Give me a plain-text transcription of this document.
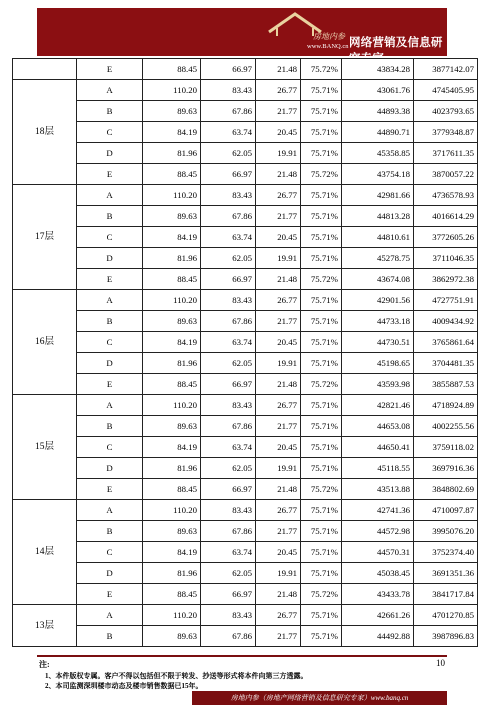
房地内参
www.BANQ.cn 网络营销及信息研究专家
	E	88.45	66.97	21.48	75.72%	43834.28	3877142.07
18层	A	110.20	83.43	26.77	75.71%	43061.76	4745405.95
	B	89.63	67.86	21.77	75.71%	44893.38	4023793.65
	C	84.19	63.74	20.45	75.71%	44890.71	3779348.87
	D	81.96	62.05	19.91	75.71%	45358.85	3717611.35
	E	88.45	66.97	21.48	75.72%	43754.18	3870057.22
17层	A	110.20	83.43	26.77	75.71%	42981.66	4736578.93
	B	89.63	67.86	21.77	75.71%	44813.28	4016614.29
	C	84.19	63.74	20.45	75.71%	44810.61	3772605.26
	D	81.96	62.05	19.91	75.71%	45278.75	3711046.35
	E	88.45	66.97	21.48	75.72%	43674.08	3862972.38
16层	A	110.20	83.43	26.77	75.71%	42901.56	4727751.91
	B	89.63	67.86	21.77	75.71%	44733.18	4009434.92
	C	84.19	63.74	20.45	75.71%	44730.51	3765861.64
	D	81.96	62.05	19.91	75.71%	45198.65	3704481.35
	E	88.45	66.97	21.48	75.72%	43593.98	3855887.53
15层	A	110.20	83.43	26.77	75.71%	42821.46	4718924.89
	B	89.63	67.86	21.77	75.71%	44653.08	4002255.56
	C	84.19	63.74	20.45	75.71%	44650.41	3759118.02
	D	81.96	62.05	19.91	75.71%	45118.55	3697916.36
	E	88.45	66.97	21.48	75.72%	43513.88	3848802.69
14层	A	110.20	83.43	26.77	75.71%	42741.36	4710097.87
	B	89.63	67.86	21.77	75.71%	44572.98	3995076.20
	C	84.19	63.74	20.45	75.71%	44570.31	3752374.40
	D	81.96	62.05	19.91	75.71%	45038.45	3691351.36
	E	88.45	66.97	21.48	75.72%	43433.78	3841717.84
13层	A	110.20	83.43	26.77	75.71%	42661.26	4701270.85
	B	89.63	67.86	21.77	75.71%	44492.88	3987896.83
注:
1、本件版权专属。客户不得以包括但不限于转发、抄送等形式将本件向第三方透露。
2、本司监测深圳楼市动态及楼市销售数据已15年。
10
房地内参（房地产网络营销及信息研究专家）www.banq.cn
